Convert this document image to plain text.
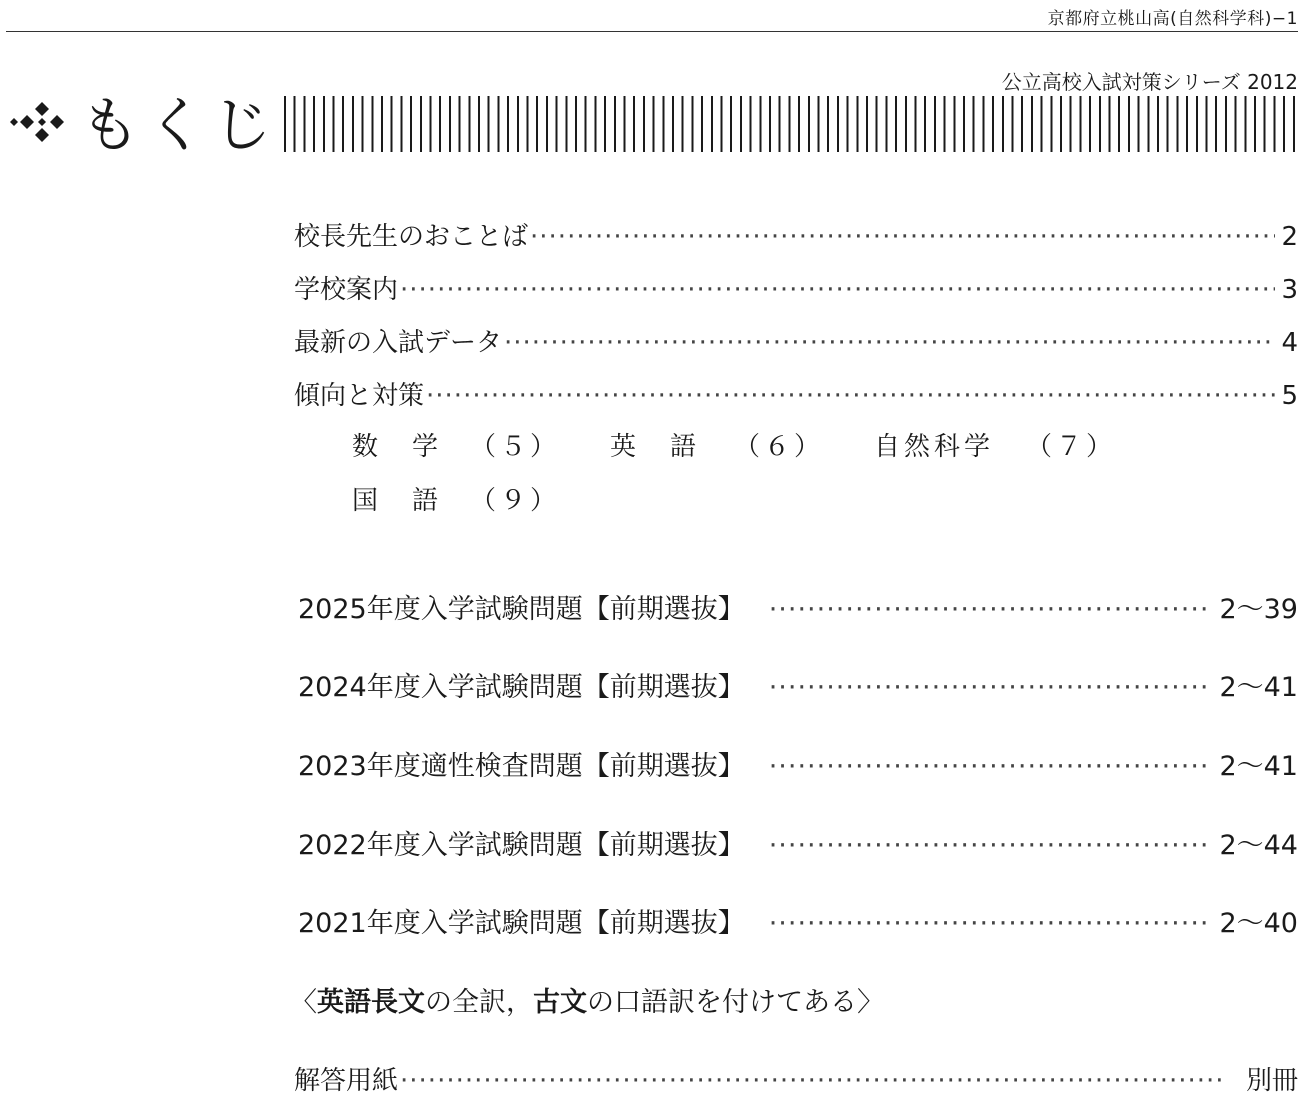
京都府立桃山高(自然科学科)−1
公立高校入試対策シリーズ 2012
もくじ
校長先生のおことば ·····	2
学校案内 ·····	3
最新の入試データ ·····	4
傾向と対策 ·····	5
数　学 （５） 英　語 （６） 自然科学 （７）
国　語 （９）
2025年度入学試験問題【前期選抜】 ·····	2〜39
2024年度入学試験問題【前期選抜】 ·····	2〜41
2023年度適性検査問題【前期選抜】 ·····	2〜41
2022年度入学試験問題【前期選抜】 ·····	2〜44
2021年度入学試験問題【前期選抜】 ·····	2〜40
〈英語長文の全訳，古文の口語訳を付けてある〉
解答用紙 ·····	別冊
